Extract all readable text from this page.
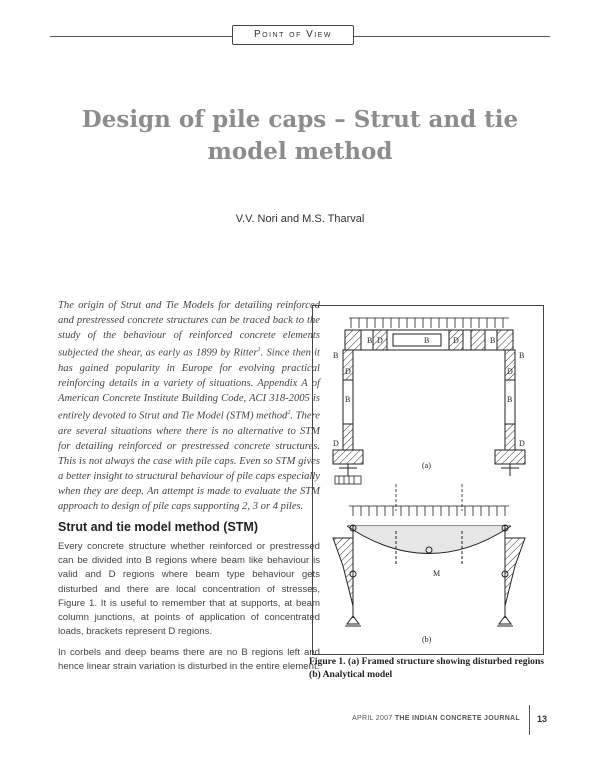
Point of View
Design of pile caps – Strut and tie model method
V.V. Nori and M.S. Tharval
The origin of Strut and Tie Models for detailing reinforced and prestressed concrete structures can be traced back to the study of the behaviour of reinforced concrete elements subjected the shear, as early as 1899 by Ritter$^1$. Since then it has gained popularity in Europe for evolving practical reinforcing details in a variety of situations. Appendix A of American Concrete Institute Building Code, ACI 318-2005 is entirely devoted to Strut and Tie Model (STM) method$^2$. There are several situations where there is no alternative to STM for detailing reinforced or prestressed concrete structures. This is not always the case with pile caps. Even so STM gives a better insight to structural behaviour of pile caps especially when they are deep. An attempt is made to evaluate the STM approach to design of pile caps supporting 2, 3 or 4 piles.
Strut and tie model method (STM)
Every concrete structure whether reinforced or prestressed can be divided into B regions where beam like behaviour is valid and D regions where beam type behaviour gets disturbed and there are local concentration of stresses, Figure 1. It is useful to remember that at supports, at beam column junctions, at points of application of concentrated loads, brackets represent D regions.
In corbels and deep beams there are no B regions left and hence linear strain variation is disturbed in the entire element.
B	B	B
D	D
B
D
B
D
B
D
B
D
(a)
M
(b)
Figure 1. (a) Framed structure showing disturbed regions (b) Analytical model
APRIL 2007 THE INDIAN CONCRETE JOURNAL 13
